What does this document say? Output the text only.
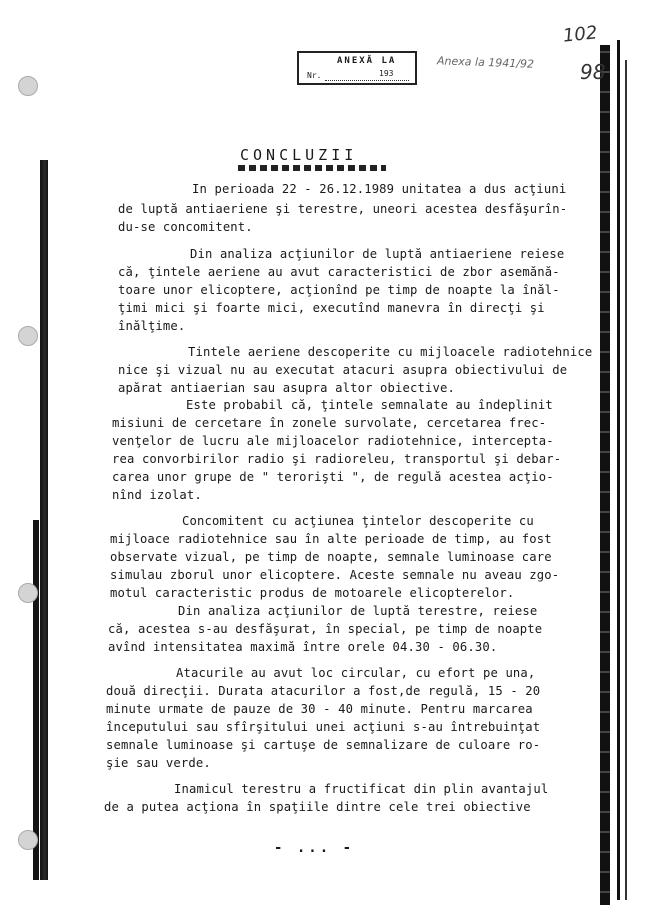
ANEXĂ LA
Nr.	193
Anexa la 1941/92
102
98
CONCLUZII
In perioada 22 - 26.12.1989 unitatea a dus acţiuni
de luptă antiaeriene şi terestre, uneori acestea desfăşurîn-
du-se concomitent.
Din analiza acţiunilor de luptă antiaeriene reiese
că, ţintele aeriene au avut caracteristici de zbor asemănă-
toare unor elicoptere, acţionînd pe timp de noapte la înăl-
ţimi mici şi foarte mici, executînd manevra în direcţi şi
înălţime.
Tintele aeriene descoperite cu mijloacele radiotehnice
nice şi vizual nu au executat atacuri asupra obiectivului de
apărat antiaerian sau asupra altor obiective.
Este probabil că, ţintele semnalate au îndeplinit
misiuni de cercetare în zonele survolate, cercetarea frec-
venţelor de lucru ale mijloacelor radiotehnice, intercepta-
rea convorbirilor radio şi radioreleu, transportul şi debar-
carea unor grupe de " terorişti ", de regulă acestea acţio-
nînd izolat.
Concomitent cu acţiunea ţintelor descoperite cu
mijloace radiotehnice sau în alte perioade de timp, au fost
observate vizual, pe timp de noapte, semnale luminoase care
simulau zborul unor elicoptere. Aceste semnale nu aveau zgo-
motul caracteristic produs de motoarele elicopterelor.
Din analiza acţiunilor de luptă terestre, reiese
că, acestea s-au desfăşurat, în special, pe timp de noapte
avînd intensitatea maximă între orele 04.30 - 06.30.
Atacurile au avut loc circular, cu efort pe una,
două direcţii. Durata atacurilor a fost,de regulă, 15 - 20
minute urmate de pauze de 30 - 40 minute. Pentru marcarea
începutului sau sfîrşitului unei acţiuni s-au întrebuinţat
semnale luminoase şi cartuşe de semnalizare de culoare ro-
şie sau verde.
Inamicul terestru a fructificat din plin avantajul
de a putea acţiona în spaţiile dintre cele trei obiective
- ... -
